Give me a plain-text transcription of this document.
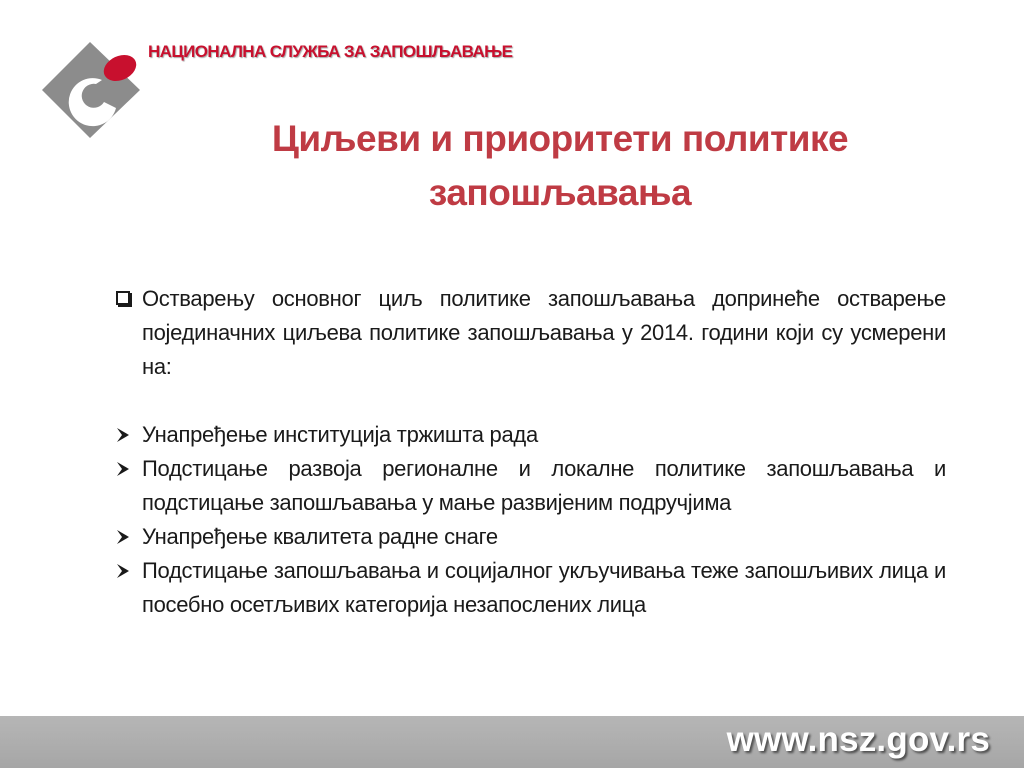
НАЦИОНАЛНА СЛУЖБА ЗА ЗАПОШЉАВАЊЕ
Циљеви и приоритети политике
запошљавања
Остварењу основног циљ политике запошљавања допринеће остварење појединачних циљева политике запошљавања у 2014. години који су усмерени на:
Унапређење институција тржишта рада
Подстицање развоја регионалне и локалне политике запошљавања и подстицање запошљавања у мање развијеним подручјима
Унапређење квалитета радне снаге
Подстицање запошљавања и социјалног укључивања теже запошљивих лица и посебно осетљивих категорија незапослених лица
www.nsz.gov.rs
